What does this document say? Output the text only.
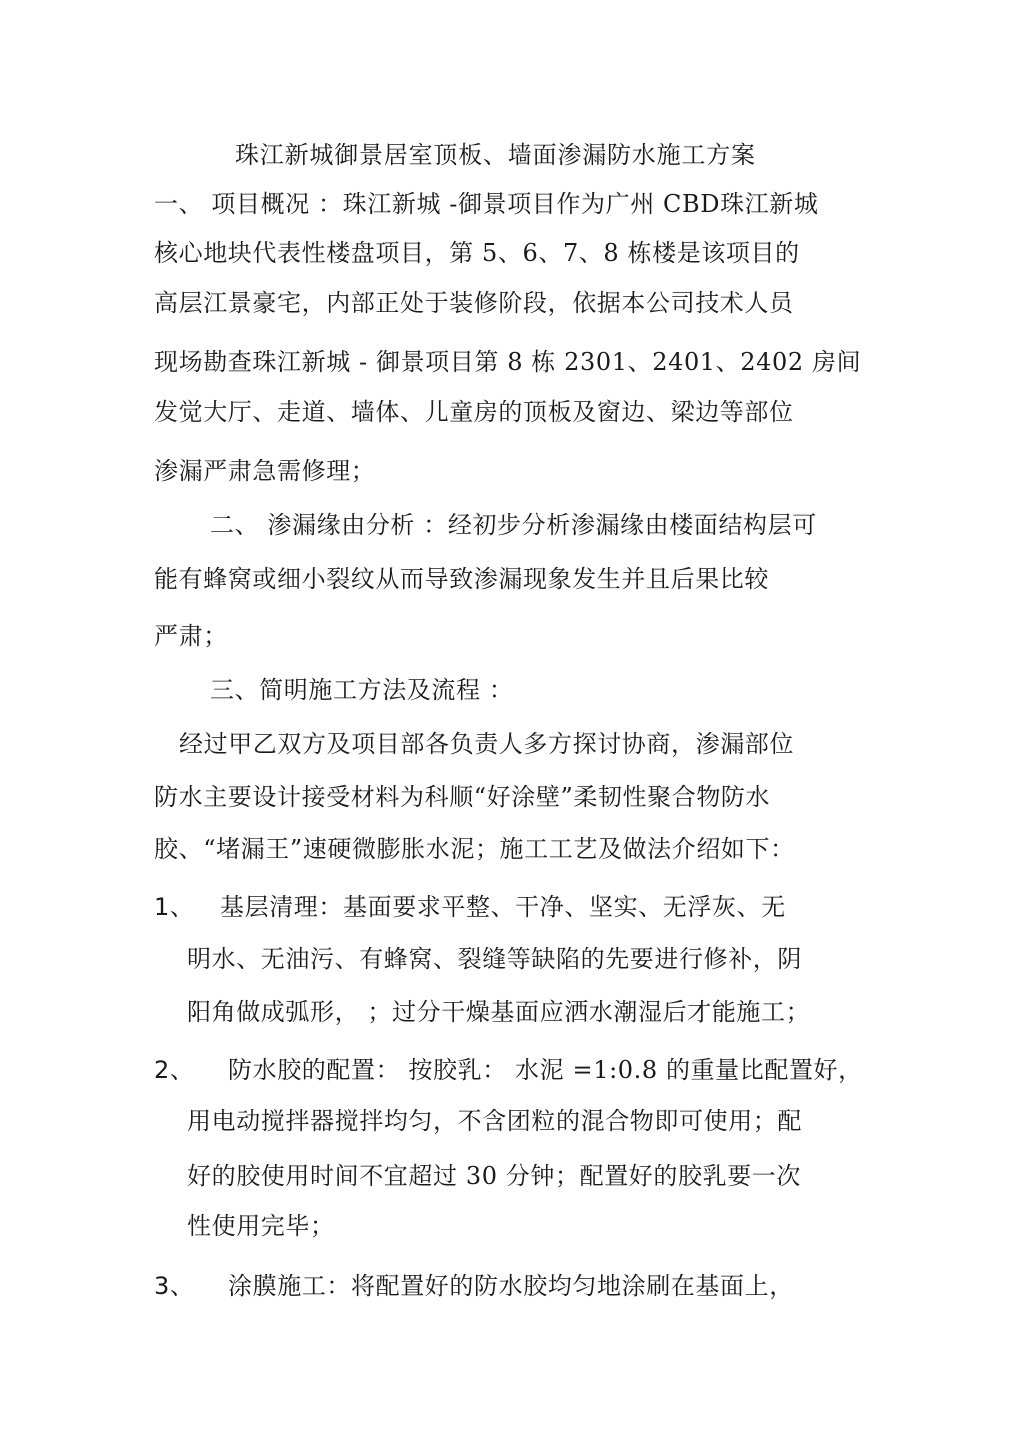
珠江新城御景居室顶板、墙面渗漏防水施工方案
一、 项目概况 ：珠江新城 -御景项目作为广州 CBD珠江新城
核心地块代表性楼盘项目，第 5、6、7、8 栋楼是该项目的
高层江景豪宅，内部正处于装修阶段，依据本公司技术人员
现场勘查珠江新城 - 御景项目第 8 栋 2301、2401、2402 房间
发觉大厅、走道、墙体、儿童房的顶板及窗边、梁边等部位
渗漏严肃急需修理；
二、 渗漏缘由分析 ：经初步分析渗漏缘由楼面结构层可
能有蜂窝或细小裂纹从而导致渗漏现象发生并且后果比较
严肃；
三、简明施工方法及流程 ：
经过甲乙双方及项目部各负责人多方探讨协商，渗漏部位
防水主要设计接受材料为科顺“好涂壁”柔韧性聚合物防水
胶、“堵漏王”速硬微膨胀水泥；施工工艺及做法介绍如下：
1、 基层清理：基面要求平整、干净、坚实、无浮灰、无
明水、无油污、有蜂窝、裂缝等缺陷的先要进行修补，阴
阳角做成弧形， ；过分干燥基面应洒水潮湿后才能施工；
2、 防水胶的配置： 按胶乳： 水泥 =1:0.8 的重量比配置好，
用电动搅拌器搅拌均匀，不含团粒的混合物即可使用；配
好的胶使用时间不宜超过 30 分钟；配置好的胶乳要一次
性使用完毕；
3、 涂膜施工：将配置好的防水胶均匀地涂刷在基面上，
